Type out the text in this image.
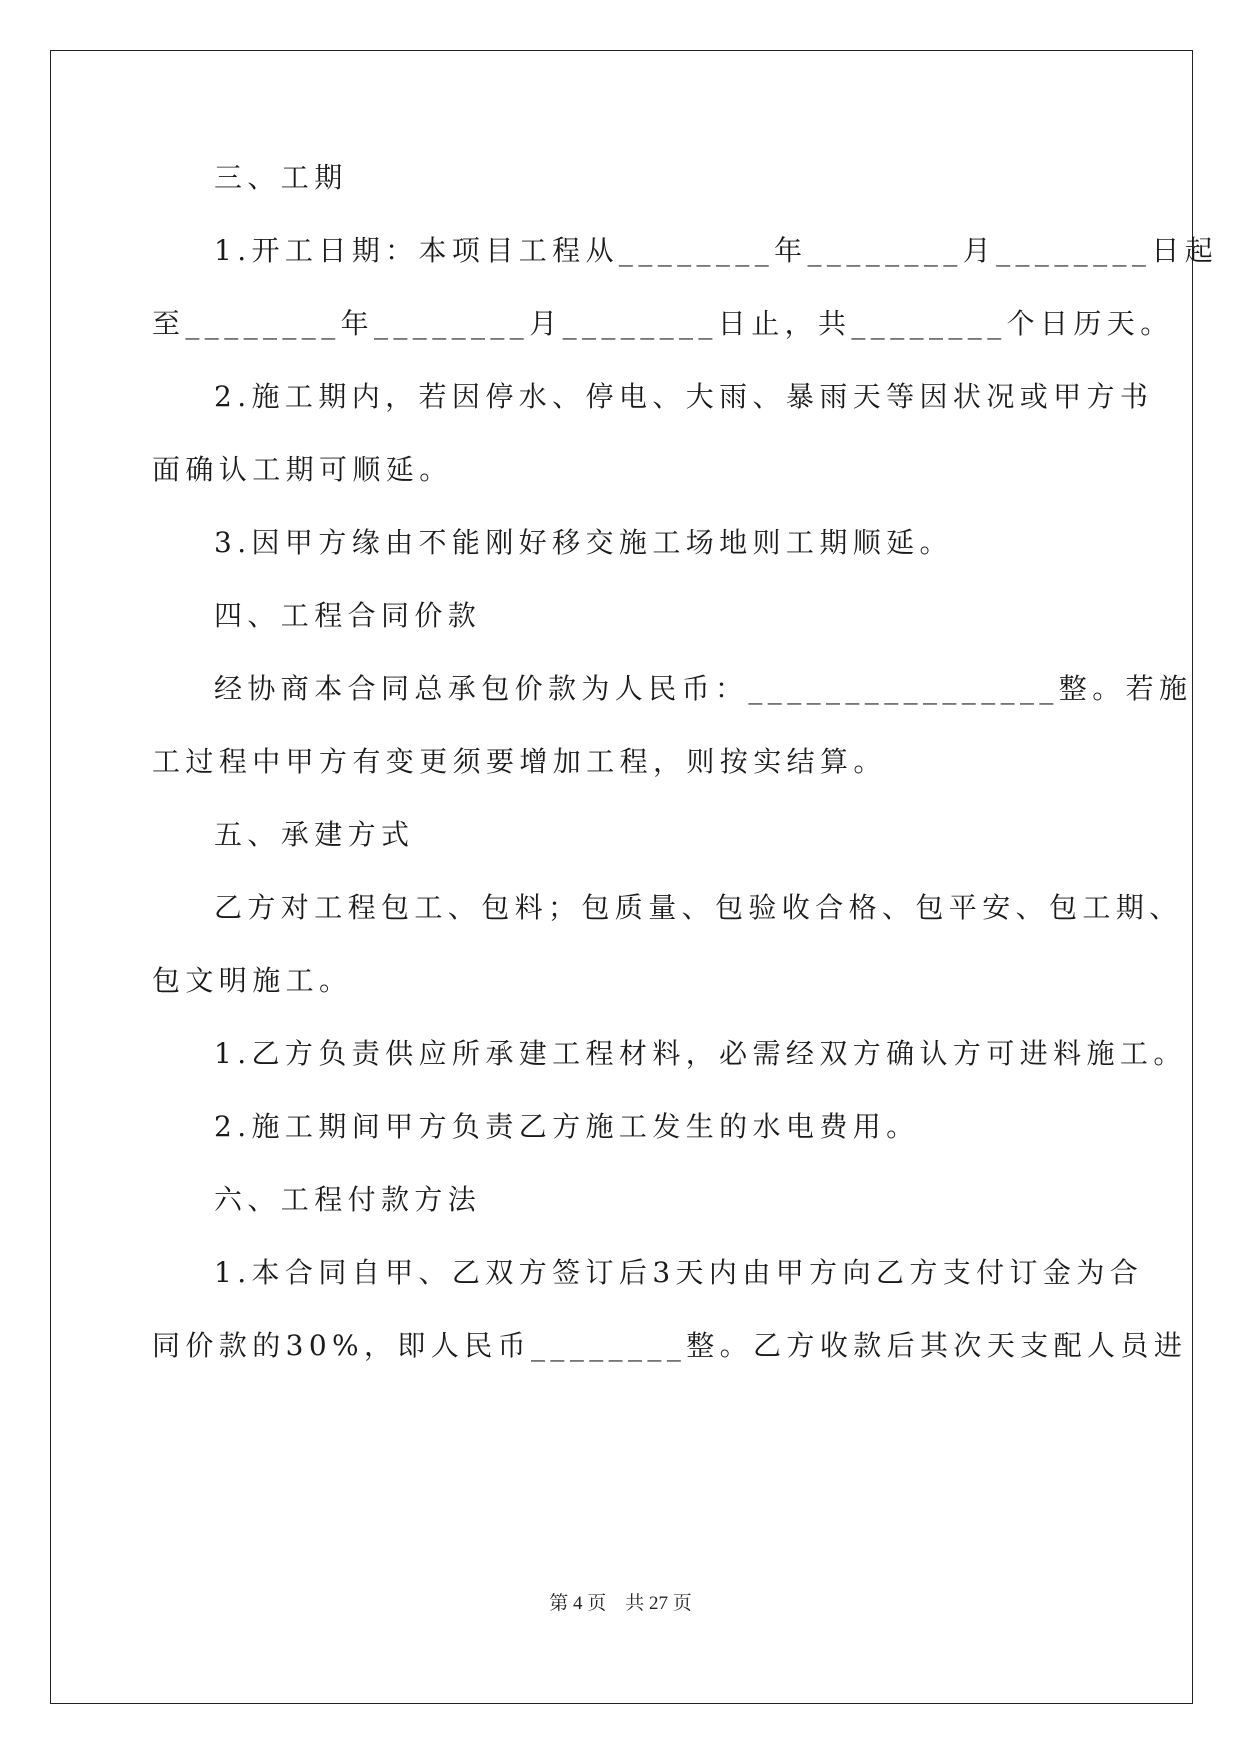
三、工期
1.开工日期：本项目工程从________年________月________日起
至________年________月________日止，共________个日历天。
2.施工期内，若因停水、停电、大雨、暴雨天等因状况或甲方书
面确认工期可顺延。
3.因甲方缘由不能刚好移交施工场地则工期顺延。
四、工程合同价款
经协商本合同总承包价款为人民币：________________整。若施
工过程中甲方有变更须要增加工程，则按实结算。
五、承建方式
乙方对工程包工、包料；包质量、包验收合格、包平安、包工期、
包文明施工。
1.乙方负责供应所承建工程材料，必需经双方确认方可进料施工。
2.施工期间甲方负责乙方施工发生的水电费用。
六、工程付款方法
1.本合同自甲、乙双方签订后3天内由甲方向乙方支付订金为合
同价款的30%，即人民币________整。乙方收款后其次天支配人员进
第 4 页    共 27 页
